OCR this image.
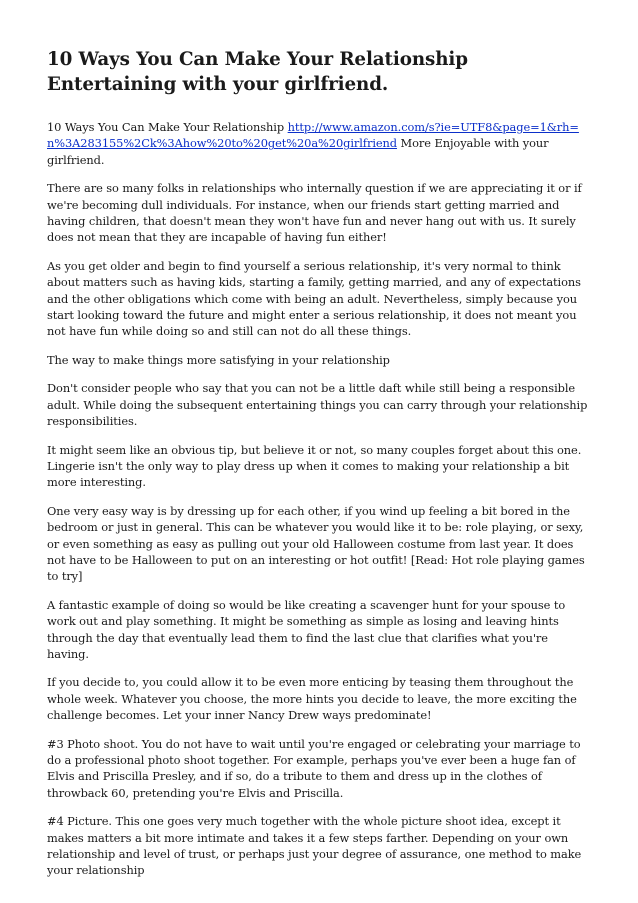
10 Ways You Can Make Your Relationship Entertaining with your girlfriend.

10 Ways You Can Make Your Relationship http://www.amazon.com/s?ie=UTF8&page=1&rh=n%3A283155%2Ck%3Ahow%20to%20get%20a%20girlfriend More Enjoyable with your girlfriend.

There are so many folks in relationships who internally question if we are appreciating it or if we're becoming dull individuals. For instance, when our friends start getting married and having children, that doesn't mean they won't have fun and never hang out with us. It surely does not mean that they are incapable of having fun either!

As you get older and begin to find yourself a serious relationship, it's very normal to think about matters such as having kids, starting a family, getting married, and any of expectations and the other obligations which come with being an adult. Nevertheless, simply because you start looking toward the future and might enter a serious relationship, it does not meant you not have fun while doing so and still can not do all these things.

The way to make things more satisfying in your relationship

Don't consider people who say that you can not be a little daft while still being a responsible adult. While doing the subsequent entertaining things you can carry through your relationship responsibilities.

It might seem like an obvious tip, but believe it or not, so many couples forget about this one. Lingerie isn't the only way to play dress up when it comes to making your relationship a bit more interesting.

One very easy way is by dressing up for each other, if you wind up feeling a bit bored in the bedroom or just in general. This can be whatever you would like it to be: role playing, or sexy, or even something as easy as pulling out your old Halloween costume from last year. It does not have to be Halloween to put on an interesting or hot outfit! [Read: Hot role playing games to try]

A fantastic example of doing so would be like creating a scavenger hunt for your spouse to work out and play something. It might be something as simple as losing and leaving hints through the day that eventually lead them to find the last clue that clarifies what you're having.

If you decide to, you could allow it to be even more enticing by teasing them throughout the whole week. Whatever you choose, the more hints you decide to leave, the more exciting the challenge becomes. Let your inner Nancy Drew ways predominate!

#3 Photo shoot. You do not have to wait until you're engaged or celebrating your marriage to do a professional photo shoot together. For example, perhaps you've ever been a huge fan of Elvis and Priscilla Presley, and if so, do a tribute to them and dress up in the clothes of throwback 60, pretending you're Elvis and Priscilla.

#4 Picture. This one goes very much together with the whole picture shoot idea, except it makes matters a bit more intimate and takes it a few steps farther. Depending on your own relationship and level of trust, or perhaps just your degree of assurance, one method to make your relationship
